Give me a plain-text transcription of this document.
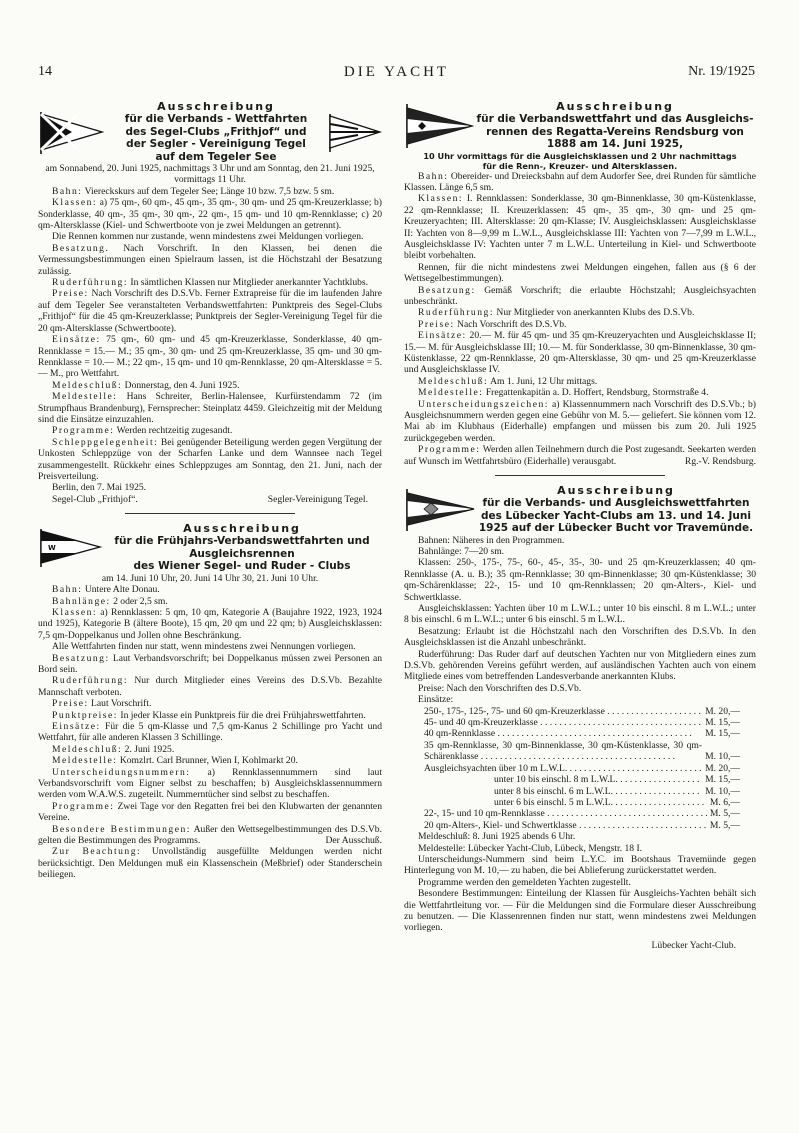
14	DIE YACHT	Nr. 19/1925
Ausschreibung
für die Verbands - Wettfahrten
des Segel-Clubs „Frithjof“ und
der Segler - Vereinigung Tegel
auf dem Tegeler See

am Sonnabend, 20. Juni 1925, nachmittags 3 Uhr und am Sonntag, den 21. Juni 1925, vormittags 11 Uhr.

Bahn: Viereckskurs auf dem Tegeler See; Länge 10 bzw. 7,5 bzw. 5 sm.

Klassen: a) 75 qm-, 60 qm-, 45 qm-, 35 qm-, 30 qm- und 25 qm-Kreuzerklasse; b) Sonderklasse, 40 qm-, 35 qm-, 30 qm-, 22 qm-, 15 qm- und 10 qm-Rennklasse; c) 20 qm-Altersklasse (Kiel- und Schwertboote von je zwei Meldungen an getrennt).

Die Rennen kommen nur zustande, wenn mindestens zwei Meldungen vorliegen.

Besatzung. Nach Vorschrift. In den Klassen, bei denen die Vermessungsbestimmungen einen Spielraum lassen, ist die Höchstzahl der Besatzung zulässig.

Ruderführung: In sämtlichen Klassen nur Mitglieder anerkannter Yachtklubs.

Preise: Nach Vorschrift des D.S.Vb. Ferner Extrapreise für die im laufenden Jahre auf dem Tegeler See veranstalteten Verbandswettfahrten: Punktpreis des Segel-Clubs „Frithjof“ für die 45 qm-Kreuzerklasse; Punktpreis der Segler-Vereinigung Tegel für die 20 qm-Altersklasse (Schwertboote).

Einsätze: 75 qm-, 60 qm- und 45 qm-Kreuzerklasse, Sonderklasse, 40 qm-Rennklasse = 15.— M.; 35 qm-, 30 qm- und 25 qm-Kreuzerklasse, 35 qm- und 30 qm-Rennklasse = 10.— M.; 22 qm-, 15 qm- und 10 qm-Rennklasse, 20 qm-Altersklasse = 5.— M., pro Wettfahrt.

Meldeschluß: Donnerstag, den 4. Juni 1925.

Meldestelle: Hans Schreiter, Berlin-Halensee, Kurfürstendamm 72 (im Strumpfhaus Brandenburg), Fernsprecher: Steinplatz 4459. Gleichzeitig mit der Meldung sind die Einsätze einzuzahlen.

Programme: Werden rechtzeitig zugesandt.

Schleppgelegenheit: Bei genügender Beteiligung werden gegen Vergütung der Unkosten Schleppzüge von der Scharfen Lanke und dem Wannsee nach Tegel zusammengestellt. Rückkehr eines Schleppzuges am Sonntag, den 21. Juni, nach der Preisverteilung.

Berlin, den 7. Mai 1925.

Segel-Club „Frithjof“.	Segler-Vereinigung Tegel.
W
Ausschreibung
für die Frühjahrs-Verbandswettfahrten und
Ausgleichsrennen
des Wiener Segel- und Ruder - Clubs

am 14. Juni 10 Uhr, 20. Juni 14 Uhr 30, 21. Juni 10 Uhr.

Bahn: Untere Alte Donau.

Bahnlänge: 2 oder 2,5 sm.

Klassen: a) Rennklassen: 5 qm, 10 qm, Kategorie A (Baujahre 1922, 1923, 1924 und 1925), Kategorie B (ältere Boote), 15 qm, 20 qm und 22 qm; b) Ausgleichsklassen: 7,5 qm-Doppelkanus und Jollen ohne Beschränkung.

Alle Wettfahrten finden nur statt, wenn mindestens zwei Nennungen vorliegen.

Besatzung: Laut Verbandsvorschrift; bei Doppelkanus müssen zwei Personen an Bord sein.

Ruderführung: Nur durch Mitglieder eines Vereins des D.S.Vb. Bezahlte Mannschaft verboten.

Preise: Laut Vorschrift.

Punktpreise: In jeder Klasse ein Punktpreis für die drei Frühjahrswettfahrten.

Einsätze: Für die 5 qm-Klasse und 7,5 qm-Kanus 2 Schillinge pro Yacht und Wettfahrt, für alle anderen Klassen 3 Schillinge.

Meldeschluß: 2. Juni 1925.

Meldestelle: Komzlrt. Carl Brunner, Wien I, Kohlmarkt 20.

Unterscheidungsnummern: a) Rennklassennummern sind laut Verbandsvorschrift vom Eigner selbst zu beschaffen; b) Ausgleichsklassennummern werden vom W.A.W.S. zugeteilt. Nummerntücher sind selbst zu beschaffen.

Programme: Zwei Tage vor den Regatten frei bei den Klubwarten der genannten Vereine.

Besondere Bestimmungen: Außer den Wettsegelbestimmungen des D.S.Vb. gelten die Bestimmungen des Programms.	Der Ausschuß.

Zur Beachtung: Unvollständig ausgefüllte Meldungen werden nicht berücksichtigt. Den Meldungen muß ein Klassenschein (Meßbrief) oder Standerschein beiliegen.

Ausschreibung
für die Verbandswettfahrt und das Ausgleichs-
rennen des Regatta-Vereins Rendsburg von
1888 am 14. Juni 1925,
10 Uhr vormittags für die Ausgleichsklassen und 2 Uhr nachmittags
für die Renn-, Kreuzer- und Altersklassen.

Bahn: Obereider- und Dreiecksbahn auf dem Audorfer See, drei Runden für sämtliche Klassen. Länge 6,5 sm.

Klassen: I. Rennklassen: Sonderklasse, 30 qm-Binnenklasse, 30 qm-Küstenklasse, 22 qm-Rennklasse; II. Kreuzerklassen: 45 qm-, 35 qm-, 30 qm- und 25 qm-Kreuzeryachten; III. Altersklasse: 20 qm-Klasse; IV. Ausgleichsklassen: Ausgleichsklasse II: Yachten von 8—9,99 m L.W.L., Ausgleichsklasse III: Yachten von 7—7,99 m L.W.L., Ausgleichsklasse IV: Yachten unter 7 m L.W.L. Unterteilung in Kiel- und Schwertboote bleibt vorbehalten.

Rennen, für die nicht mindestens zwei Meldungen eingehen, fallen aus (§ 6 der Wettsegelbestimmungen).

Besatzung: Gemäß Vorschrift; die erlaubte Höchstzahl; Ausgleichsyachten unbeschränkt.

Ruderführung: Nur Mitglieder von anerkannten Klubs des D.S.Vb.

Preise: Nach Vorschrift des D.S.Vb.

Einsätze: 20.— M. für 45 qm- und 35 qm-Kreuzeryachten und Ausgleichsklasse II; 15.— M. für Ausgleichsklasse III; 10.— M. für Sonderklasse, 30 qm-Binnenklasse, 30 qm-Küstenklasse, 22 qm-Rennklasse, 20 qm-Altersklasse, 30 qm- und 25 qm-Kreuzerklasse und Ausgleichsklasse IV.

Meldeschluß: Am 1. Juni, 12 Uhr mittags.

Meldestelle: Fregattenkapitän a. D. Hoffert, Rendsburg, Stormstraße 4.

Unterscheidungszeichen: a) Klassennummern nach Vorschrift des D.S.Vb.; b) Ausgleichsnummern werden gegen eine Gebühr von M. 5.— geliefert. Sie können vom 12. Mai ab im Klubhaus (Eiderhalle) empfangen und müssen bis zum 20. Juli 1925 zurückgegeben werden.

Programme: Werden allen Teilnehmern durch die Post zugesandt. Seekarten werden auf Wunsch im Wettfahrtsbüro (Eiderhalle) verausgabt.	Rg.-V. Rendsburg.

Ausschreibung
für die Verbands- und Ausgleichswettfahrten
des Lübecker Yacht-Clubs am 13. und 14. Juni
1925 auf der Lübecker Bucht vor Travemünde.

Bahnen: Näheres in den Programmen.

Bahnlänge: 7—20 sm.

Klassen: 250-, 175-, 75-, 60-, 45-, 35-, 30- und 25 qm-Kreuzerklassen; 40 qm-Rennklasse (A. u. B.); 35 qm-Rennklasse; 30 qm-Binnenklasse; 30 qm-Küstenklasse; 30 qm-Schärenklasse; 22-, 15- und 10 qm-Rennklassen; 20 qm-Alters-, Kiel- und Schwertklasse.

Ausgleichsklassen: Yachten über 10 m L.W.L.; unter 10 bis einschl. 8 m L.W.L.; unter 8 bis einschl. 6 m L.W.L.; unter 6 bis einschl. 5 m L.W.L.

Besatzung: Erlaubt ist die Höchstzahl nach den Vorschriften des D.S.Vb. In den Ausgleichsklassen ist die Anzahl unbeschränkt.

Ruderführung: Das Ruder darf auf deutschen Yachten nur von Mitgliedern eines zum D.S.Vb. gehörenden Vereins geführt werden, auf ausländischen Yachten auch von einem Mitgliede eines vom betreffenden Landesverbande anerkannten Klubs.

Preise: Nach den Vorschriften des D.S.Vb.

Einsätze:

250-, 175-, 125-, 75- und 60 qm-Kreuzerklasse . . .	M. 20,—
45- und 40 qm-Kreuzerklasse . . .	M. 15,—
40 qm-Rennklasse . . .	M. 15,—
35 qm-Rennklasse, 30 qm-Binnenklasse, 30 qm-Küstenklasse, 30 qm-Schärenklasse . . .	M. 10,—
Ausgleichsyachten über 10 m L.W.L. . . .	M. 20,—
unter 10 bis einschl. 8 m L.W.L. . . .	M. 15,—
unter 8 bis einschl. 6 m L.W.L. . . .	M. 10,—
unter 6 bis einschl. 5 m L.W.L. . . .	M. 6,—
22-, 15- und 10 qm-Rennklasse . . .	M. 5,—
20 qm-Alters-, Kiel- und Schwertklasse . . .	M. 5,—

Meldeschluß: 8. Juni 1925 abends 6 Uhr.

Meldestelle: Lübecker Yacht-Club, Lübeck, Mengstr. 18 I.

Unterscheidungs-Nummern sind beim L.Y.C. im Bootshaus Travemünde gegen Hinterlegung von M. 10,— zu haben, die bei Ablieferung zurückerstattet werden.

Programme werden den gemeldeten Yachten zugestellt.

Besondere Bestimmungen: Einteilung der Klassen für Ausgleichs-Yachten behält sich die Wettfahrtleitung vor. — Für die Meldungen sind die Formulare dieser Ausschreibung zu benutzen. — Die Klassenrennen finden nur statt, wenn mindestens zwei Meldungen vorliegen.

Lübecker Yacht-Club.
